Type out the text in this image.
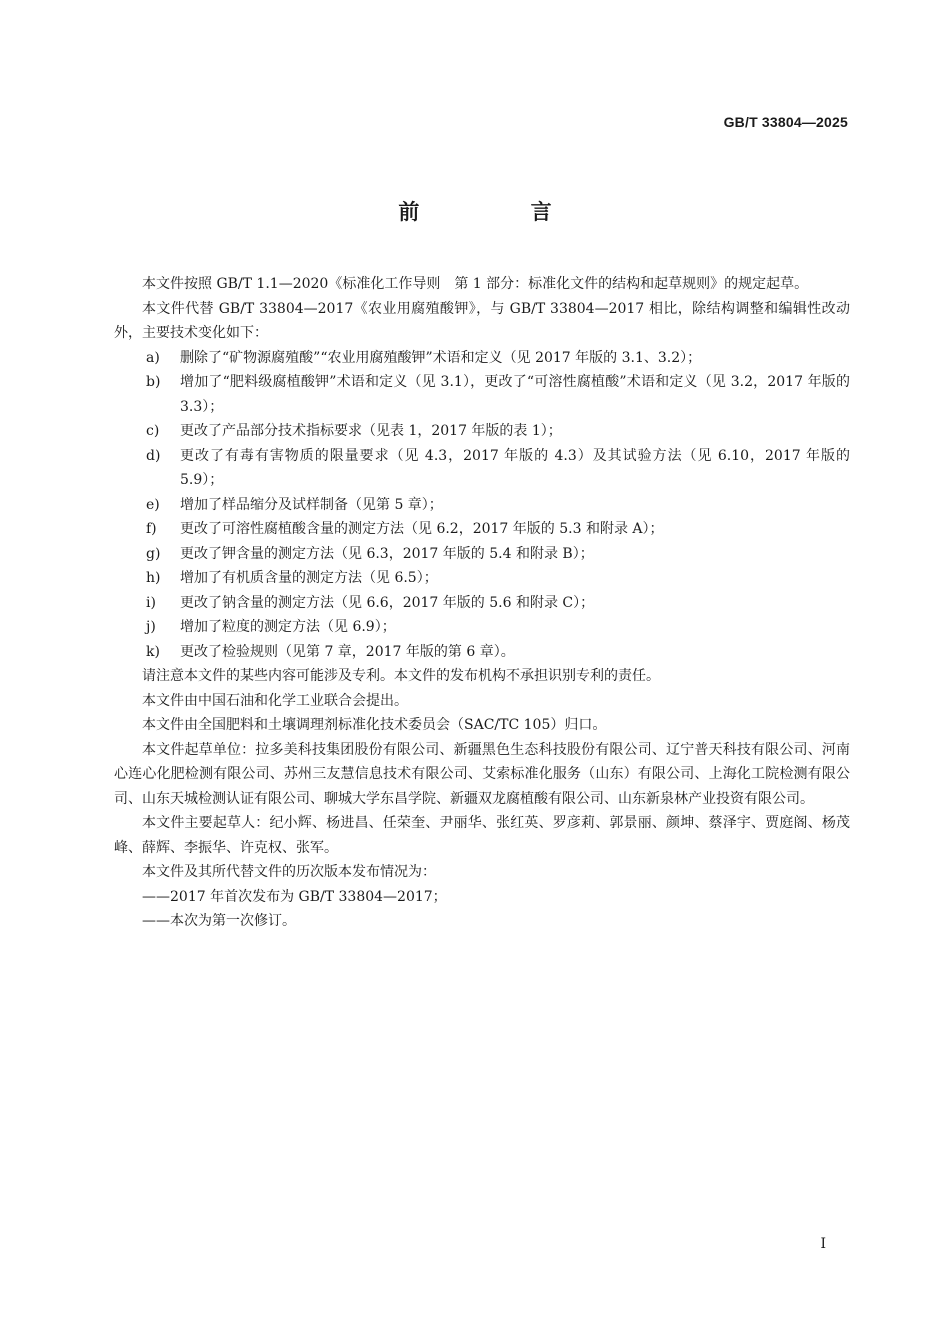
GB/T 33804—2025
前 言

本文件按照 GB/T 1.1—2020《标准化工作导则　第 1 部分：标准化文件的结构和起草规则》的规定起草。

本文件代替 GB/T 33804—2017《农业用腐殖酸钾》，与 GB/T 33804—2017 相比，除结构调整和编辑性改动外，主要技术变化如下：

a) 删除了“矿物源腐殖酸”“农业用腐殖酸钾”术语和定义（见 2017 年版的 3.1、3.2）；

b) 增加了“肥料级腐植酸钾”术语和定义（见 3.1），更改了“可溶性腐植酸”术语和定义（见 3.2，2017 年版的 3.3）；

c) 更改了产品部分技术指标要求（见表 1，2017 年版的表 1）；

d) 更改了有毒有害物质的限量要求（见 4.3，2017 年版的 4.3）及其试验方法（见 6.10，2017 年版的 5.9）；

e) 增加了样品缩分及试样制备（见第 5 章）；

f) 更改了可溶性腐植酸含量的测定方法（见 6.2，2017 年版的 5.3 和附录 A）；

g) 更改了钾含量的测定方法（见 6.3，2017 年版的 5.4 和附录 B）；

h) 增加了有机质含量的测定方法（见 6.5）；

i) 更改了钠含量的测定方法（见 6.6，2017 年版的 5.6 和附录 C）；

j) 增加了粒度的测定方法（见 6.9）；

k) 更改了检验规则（见第 7 章，2017 年版的第 6 章）。

请注意本文件的某些内容可能涉及专利。本文件的发布机构不承担识别专利的责任。

本文件由中国石油和化学工业联合会提出。

本文件由全国肥料和土壤调理剂标准化技术委员会（SAC/TC 105）归口。

本文件起草单位：拉多美科技集团股份有限公司、新疆黑色生态科技股份有限公司、辽宁普天科技有限公司、河南心连心化肥检测有限公司、苏州三友慧信息技术有限公司、艾索标准化服务（山东）有限公司、上海化工院检测有限公司、山东天城检测认证有限公司、聊城大学东昌学院、新疆双龙腐植酸有限公司、山东新泉林产业投资有限公司。

本文件主要起草人：纪小辉、杨进昌、任荣奎、尹丽华、张红英、罗彦莉、郭景丽、颜坤、蔡泽宇、贾庭阁、杨茂峰、薛辉、李振华、许克权、张军。

本文件及其所代替文件的历次版本发布情况为：

——2017 年首次发布为 GB/T 33804—2017；

——本次为第一次修订。

I
